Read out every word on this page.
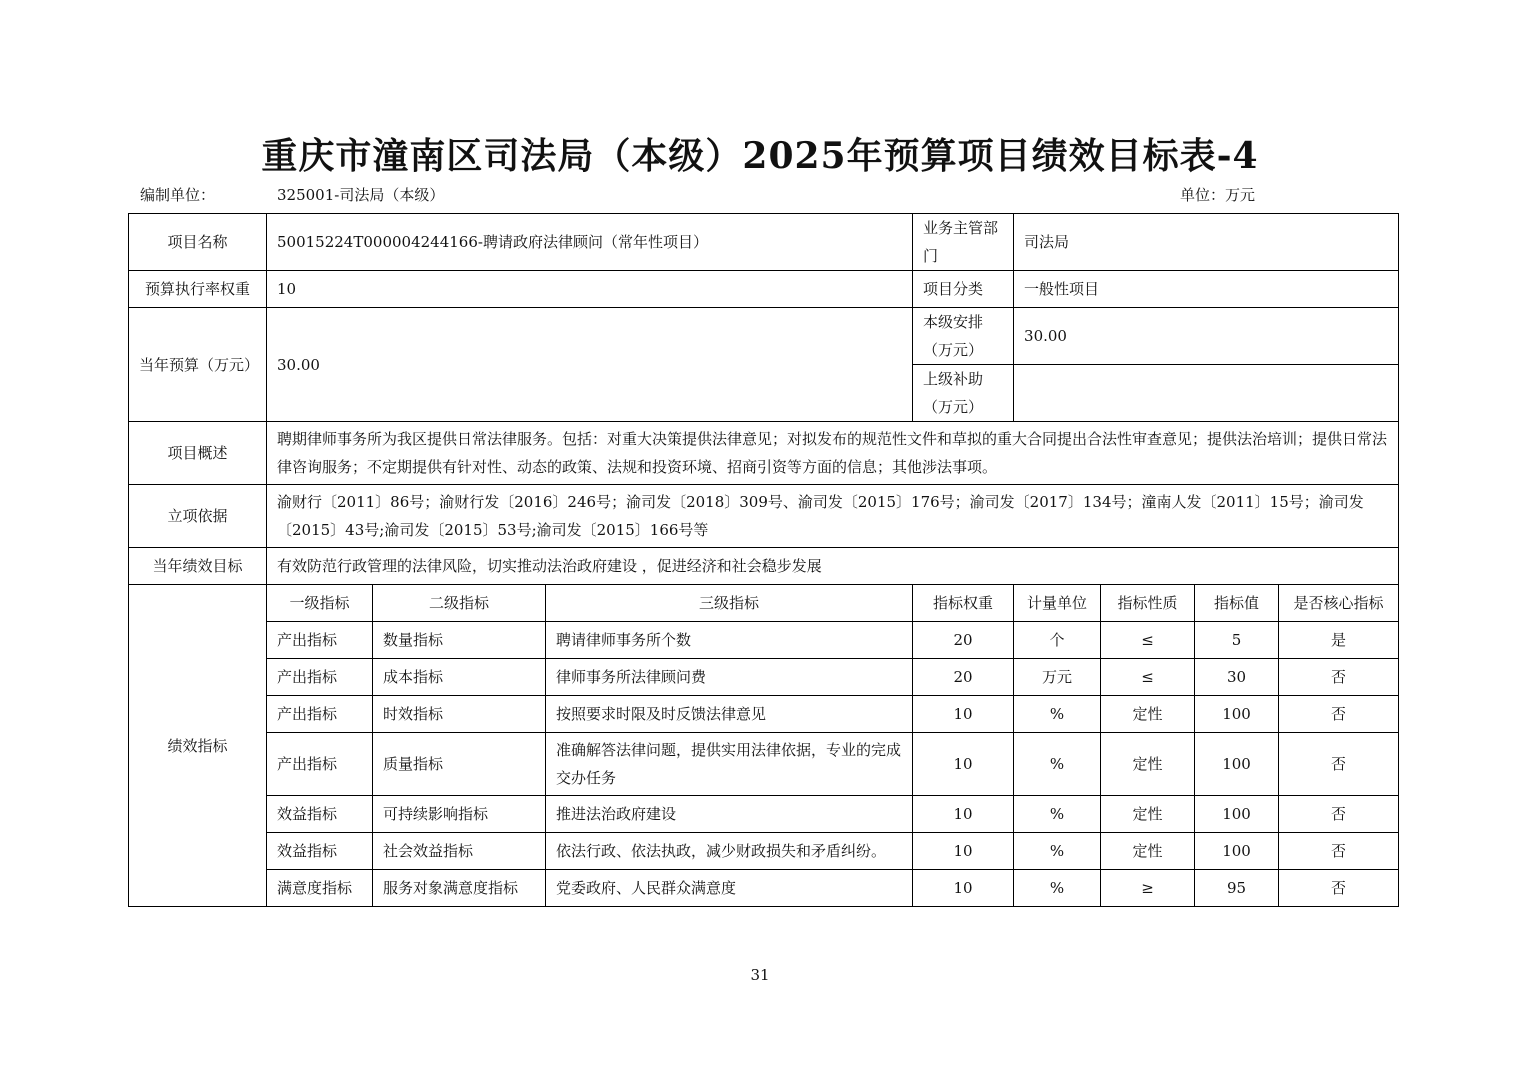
重庆市潼南区司法局（本级）2025年预算项目绩效目标表-4
编制单位：	325001-司法局（本级）	单位：万元
项目名称	50015224T000004244166-聘请政府法律顾问（常年性项目）			业务主管部门	司法局			
预算执行率权重	10			项目分类	一般性项目			
当年预算（万元）	30.00			本级安排（万元）	30.00			
				上级补助（万元）				
项目概述	聘期律师事务所为我区提供日常法律服务。包括：对重大决策提供法律意见；对拟发布的规范性文件和草拟的重大合同提出合法性审查意见；提供法治培训；提供日常法律咨询服务；不定期提供有针对性、动态的政策、法规和投资环境、招商引资等方面的信息；其他涉法事项。							
立项依据	渝财行〔2011〕86号；渝财行发〔2016〕246号；渝司发〔2018〕309号、渝司发〔2015〕176号；渝司发〔2017〕134号；潼南人发〔2011〕15号；渝司发〔2015〕43号;渝司发〔2015〕53号;渝司发〔2015〕166号等							
当年绩效目标	有效防范行政管理的法律风险，切实推动法治政府建设 ，促进经济和社会稳步发展							
绩效指标	一级指标	二级指标	三级指标	指标权重	计量单位	指标性质	指标值	是否核心指标
	产出指标	数量指标	聘请律师事务所个数	20	个	≤	5	是
	产出指标	成本指标	律师事务所法律顾问费	20	万元	≤	30	否
	产出指标	时效指标	按照要求时限及时反馈法律意见	10	%	定性	100	否
	产出指标	质量指标	准确解答法律问题，提供实用法律依据，专业的完成交办任务	10	%	定性	100	否
	效益指标	可持续影响指标	推进法治政府建设	10	%	定性	100	否
	效益指标	社会效益指标	依法行政、依法执政，减少财政损失和矛盾纠纷。	10	%	定性	100	否
	满意度指标	服务对象满意度指标	党委政府、人民群众满意度	10	%	≥	95	否
31
